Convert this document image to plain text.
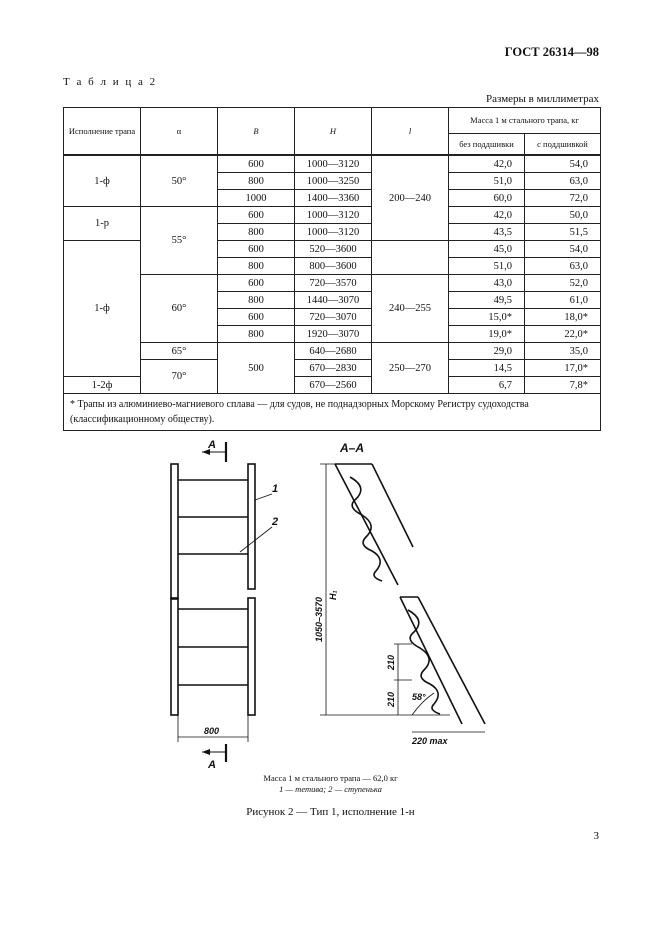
ГОСТ 26314—98
Т а б л и ц а 2
Размеры в миллиметрах
Исполнение трапа	α	B	H	l	Масса 1 м стального трапа, кг	
					без поддшивки	с поддшивкой
1-ф	50°	600	1000—3120	200—240	42,0	54,0
		800	1000—3250		51,0	63,0
		1000	1400—3360		60,0	72,0
1-р	55°	600	1000—3120		42,0	50,0
		800	1000—3120		43,5	51,5
1-ф		600	520—3600		45,0	54,0
		800	800—3600		51,0	63,0
	60°	600	720—3570	240—255	43,0	52,0
		800	1440—3070		49,5	61,0
		600	720—3070		15,0*	18,0*
		800	1920—3070		19,0*	22,0*
	65°	500	640—2680	250—270	29,0	35,0
	70°		670—2830		14,5	17,0*
1-2ф			670—2560		6,7	7,8*
* Трапы из алюминиево-магниевого сплава — для судов, не поднадзорных Морскому Регистру судоходства (классификационному обществу).						
А
А
А–А
1
2
800
1050–3570
H₁
210
210 58°
220 max
Масса 1 м стального трапа — 62,0 кг
1 — тетива; 2 — ступенька
Рисунок 2 — Тип 1, исполнение 1-н
3
